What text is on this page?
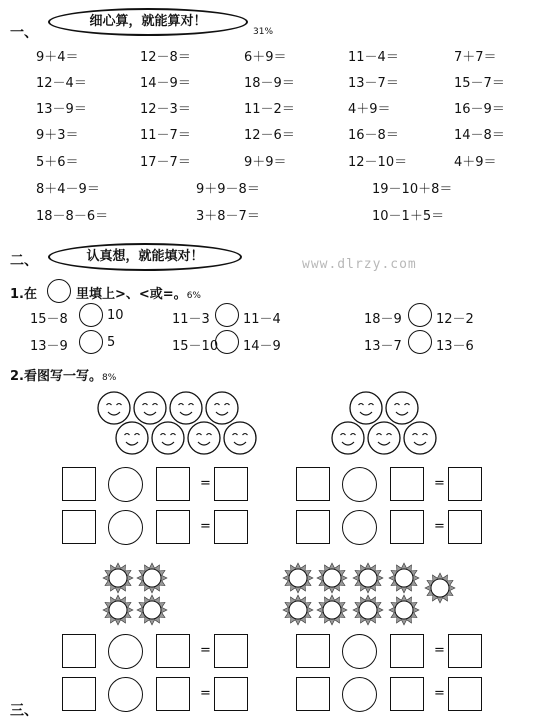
一、
细心算，就能算对！
31%
9＋4＝	12－8＝	6＋9＝	11－4＝	7＋7＝
12－4＝	14－9＝	18－9＝	13－7＝	15－7＝
13－9＝	12－3＝	11－2＝	4＋9＝	16－9＝
9＋3＝	11－7＝	12－6＝	16－8＝	14－8＝
5＋6＝	17－7＝	9＋9＝	12－10＝	4＋9＝
8＋4－9＝	9＋9－8＝	19－10＋8＝
18－8－6＝	3＋8－7＝	10－1＋5＝
二、	认真想，就能填对！
www.dlrzy.com
1.在	里填上>、<或=。6%
15－8	10	11－3	11－4	18－9	12－2
13－9	5	15－10 14－9	13－7	13－6
2.看图写一写。8%
=	=
=	=
=	=
=	=
三、
